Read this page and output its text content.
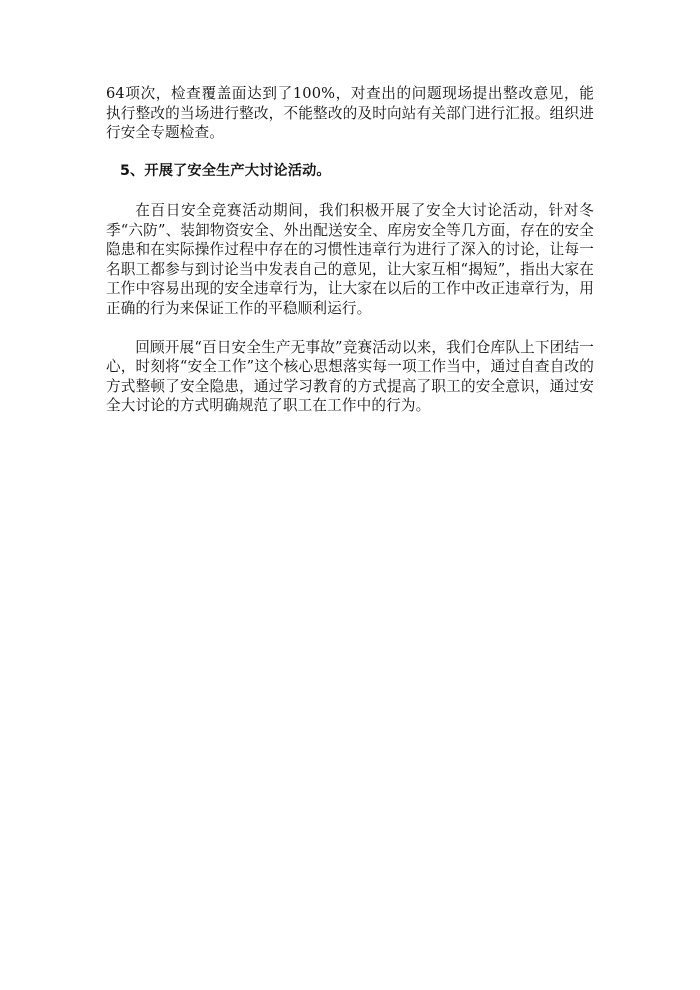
64项次，检查覆盖面达到了100%，对查出的问题现场提出整改意见，能执行整改的当场进行整改，不能整改的及时向站有关部门进行汇报。组织进行安全专题检查。

5、开展了安全生产大讨论活动。

在百日安全竞赛活动期间，我们积极开展了安全大讨论活动，针对冬季“六防”、装卸物资安全、外出配送安全、库房安全等几方面，存在的安全隐患和在实际操作过程中存在的习惯性违章行为进行了深入的讨论，让每一名职工都参与到讨论当中发表自己的意见，让大家互相“揭短”，指出大家在工作中容易出现的安全违章行为，让大家在以后的工作中改正违章行为，用正确的行为来保证工作的平稳顺利运行。

回顾开展“百日安全生产无事故”竞赛活动以来，我们仓库队上下团结一心，时刻将“安全工作”这个核心思想落实每一项工作当中，通过自查自改的方式整顿了安全隐患，通过学习教育的方式提高了职工的安全意识，通过安全大讨论的方式明确规范了职工在工作中的行为。
